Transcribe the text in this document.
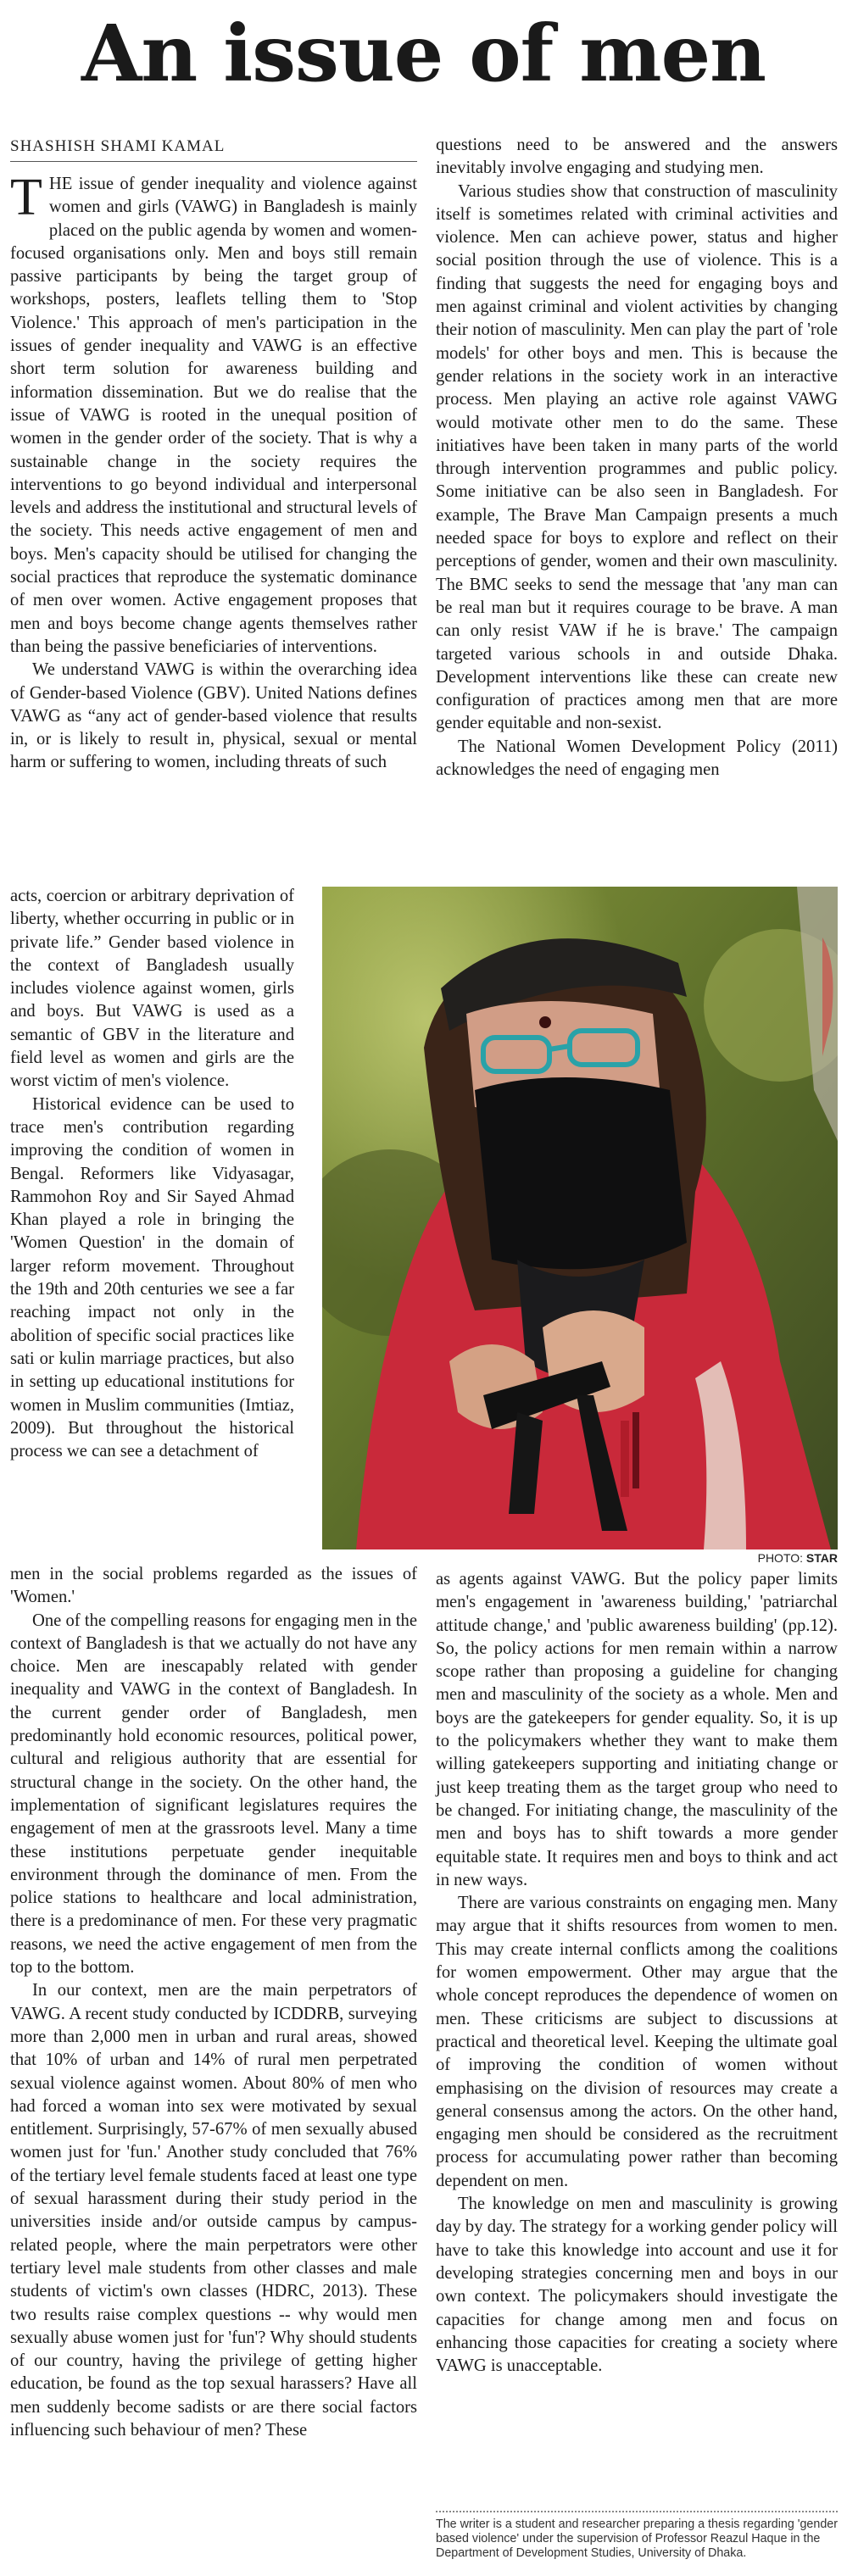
An issue of men
SHASHISH SHAMI KAMAL

THE issue of gender inequality and violence against women and girls (VAWG) in Bangladesh is mainly placed on the public agenda by women and women-focused organisations only. Men and boys still remain passive participants by being the target group of workshops, posters, leaflets telling them to 'Stop Violence.' This approach of men's participation in the issues of gender inequality and VAWG is an effective short term solution for awareness building and information dissemination. But we do realise that the issue of VAWG is rooted in the unequal position of women in the gender order of the society. That is why a sustainable change in the society requires the interventions to go beyond individual and interpersonal levels and address the institutional and structural levels of the society. This needs active engagement of men and boys. Men's capacity should be utilised for changing the social practices that reproduce the systematic dominance of men over women. Active engagement proposes that men and boys become change agents themselves rather than being the passive beneficiaries of interventions.

We understand VAWG is within the overarching idea of Gender-based Violence (GBV). United Nations defines VAWG as “any act of gender-based violence that results in, or is likely to result in, physical, sexual or mental harm or suffering to women, including threats of such

acts, coercion or arbitrary deprivation of liberty, whether occurring in public or in private life.” Gender based violence in the context of Bangladesh usually includes violence against women, girls and boys. But VAWG is used as a semantic of GBV in the literature and field level as women and girls are the worst victim of men's violence.

Historical evidence can be used to trace men's contribution regarding improving the condition of women in Bengal. Reformers like Vidyasagar, Rammohon Roy and Sir Sayed Ahmad Khan played a role in bringing the 'Women Question' in the domain of larger reform movement. Throughout the 19th and 20th centuries we see a far reaching impact not only in the abolition of specific social practices like sati or kulin marriage practices, but also in setting up educational institutions for women in Muslim communities (Imtiaz, 2009). But throughout the historical process we can see a detachment of

men in the social problems regarded as the issues of 'Women.'

One of the compelling reasons for engaging men in the context of Bangladesh is that we actually do not have any choice. Men are inescapably related with gender inequality and VAWG in the context of Bangladesh. In the current gender order of Bangladesh, men predominantly hold economic resources, political power, cultural and religious authority that are essential for structural change in the society. On the other hand, the implementation of significant legislatures requires the engagement of men at the grassroots level. Many a time these institutions perpetuate gender inequitable environment through the dominance of men. From the police stations to healthcare and local administration, there is a predominance of men. For these very pragmatic reasons, we need the active engagement of men from the top to the bottom.

In our context, men are the main perpetrators of VAWG. A recent study conducted by ICDDRB, surveying more than 2,000 men in urban and rural areas, showed that 10% of urban and 14% of rural men perpetrated sexual violence against women. About 80% of men who had forced a woman into sex were motivated by sexual entitlement. Surprisingly, 57-67% of men sexually abused women just for 'fun.' Another study concluded that 76% of the tertiary level female students faced at least one type of sexual harassment during their study period in the universities inside and/or outside campus by campus-related people, where the main perpetrators were other tertiary level male students from other classes and male students of victim's own classes (HDRC, 2013). These two results raise complex questions -- why would men sexually abuse women just for 'fun'? Why should students of our country, having the privilege of getting higher education, be found as the top sexual harassers? Have all men suddenly become sadists or are there social factors influencing such behaviour of men? These

questions need to be answered and the answers inevitably involve engaging and studying men.

Various studies show that construction of masculinity itself is sometimes related with criminal activities and violence. Men can achieve power, status and higher social position through the use of violence. This is a finding that suggests the need for engaging boys and men against criminal and violent activities by changing their notion of masculinity. Men can play the part of 'role models' for other boys and men. This is because the gender relations in the society work in an interactive process. Men playing an active role against VAWG would motivate other men to do the same. These initiatives have been taken in many parts of the world through intervention programmes and public policy. Some initiative can be also seen in Bangladesh. For example, The Brave Man Campaign presents a much needed space for boys to explore and reflect on their perceptions of gender, women and their own masculinity. The BMC seeks to send the message that 'any man can be real man but it requires courage to be brave. A man can only resist VAW if he is brave.' The campaign targeted various schools in and outside Dhaka. Development interventions like these can create new configuration of practices among men that are more gender equitable and non-sexist.

The National Women Development Policy (2011) acknowledges the need of engaging men

PHOTO: STAR

as agents against VAWG. But the policy paper limits men's engagement in 'awareness building,' 'patriarchal attitude change,' and 'public awareness building' (pp.12). So, the policy actions for men remain within a narrow scope rather than proposing a guideline for changing men and masculinity of the society as a whole. Men and boys are the gatekeepers for gender equality. So, it is up to the policymakers whether they want to make them willing gatekeepers supporting and initiating change or just keep treating them as the target group who need to be changed. For initiating change, the masculinity of the men and boys has to shift towards a more gender equitable state. It requires men and boys to think and act in new ways.

There are various constraints on engaging men. Many may argue that it shifts resources from women to men. This may create internal conflicts among the coalitions for women empowerment. Other may argue that the whole concept reproduces the dependence of women on men. These criticisms are subject to discussions at practical and theoretical level. Keeping the ultimate goal of improving the condition of women without emphasising on the division of resources may create a general consensus among the actors. On the other hand, engaging men should be considered as the recruitment process for accumulating power rather than becoming dependent on men.

The knowledge on men and masculinity is growing day by day. The strategy for a working gender policy will have to take this knowledge into account and use it for developing strategies concerning men and boys in our own context. The policymakers should investigate the capacities for change among men and focus on enhancing those capacities for creating a society where VAWG is unacceptable.

The writer is a student and researcher preparing a thesis regarding 'gender based violence' under the supervision of Professor Reazul Haque in the Department of Development Studies, University of Dhaka.
